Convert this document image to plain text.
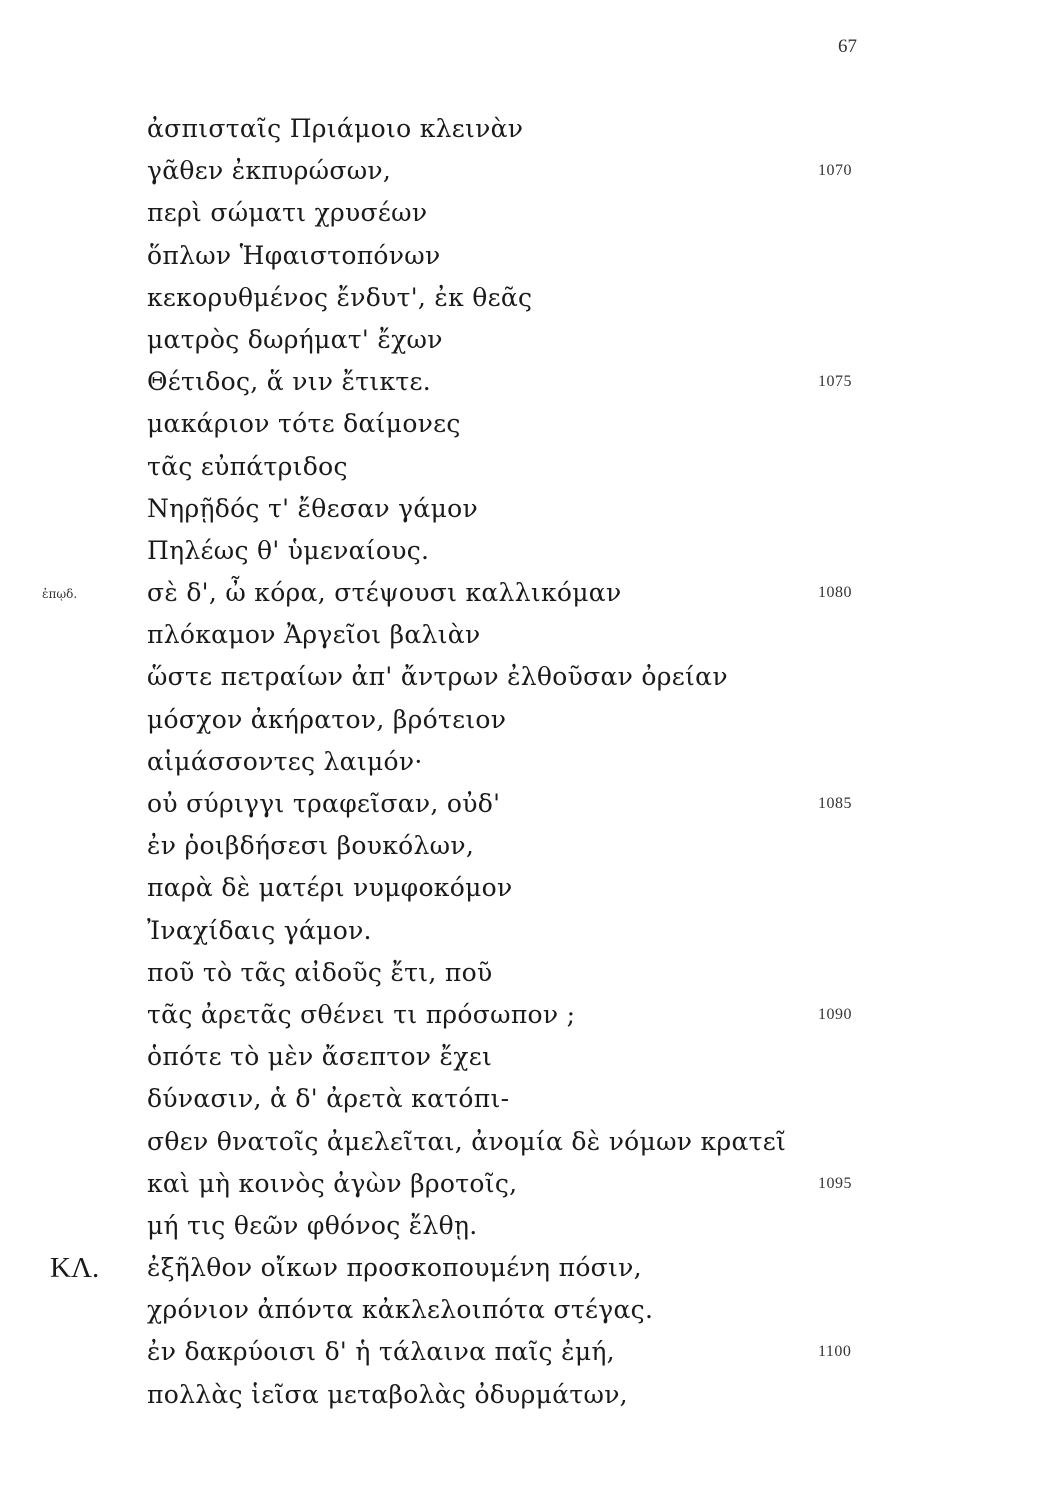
67
ἀσπισταῖς Πριάμοιο κλεινὰν
γᾶθεν ἐκπυρώσων,	1070
περὶ σώματι χρυσέων
ὅπλων Ἡφαιστοπόνων
κεκορυθμένος ἔνδυτ', ἐκ θεᾶς
ματρὸς δωρήματ' ἔχων
Θέτιδος, ἅ νιν ἔτικτε.	1075
μακάριον τότε δαίμονες
τᾶς εὐπάτριδος
Νηρῇδός τ' ἔθεσαν γάμον
Πηλέως θ' ὑμεναίους.
ἐπῳδ.	σὲ δ', ὦ κόρα, στέψουσι καλλικόμαν	1080
πλόκαμον Ἀργεῖοι βαλιὰν
ὥστε πετραίων ἀπ' ἄντρων ἐλθοῦσαν ὀρείαν
μόσχον ἀκήρατον, βρότειον
αἱμάσσοντες λαιμόν·
οὐ σύριγγι τραφεῖσαν, οὐδ'	1085
ἐν ῥοιβδήσεσι βουκόλων,
παρὰ δὲ ματέρι νυμφοκόμον
Ἰναχίδαις γάμον.
ποῦ τὸ τᾶς αἰδοῦς ἔτι, ποῦ
τᾶς ἀρετᾶς σθένει τι πρόσωπον ;	1090
ὁπότε τὸ μὲν ἄσεπτον ἔχει
δύνασιν, ἁ δ' ἀρετὰ κατόπι-
σθεν θνατοῖς ἀμελεῖται, ἀνομία δὲ νόμων κρατεῖ
καὶ μὴ κοινὸς ἀγὼν βροτοῖς,	1095
μή τις θεῶν φθόνος ἔλθῃ.
ΚΛ. ἐξῆλθον οἴκων προσκοπουμένη πόσιν,
χρόνιον ἀπόντα κἀκλελοιπότα στέγας.
ἐν δακρύοισι δ' ἡ τάλαινα παῖς ἐμή,	1100
πολλὰς ἱεῖσα μεταβολὰς ὀδυρμάτων,
